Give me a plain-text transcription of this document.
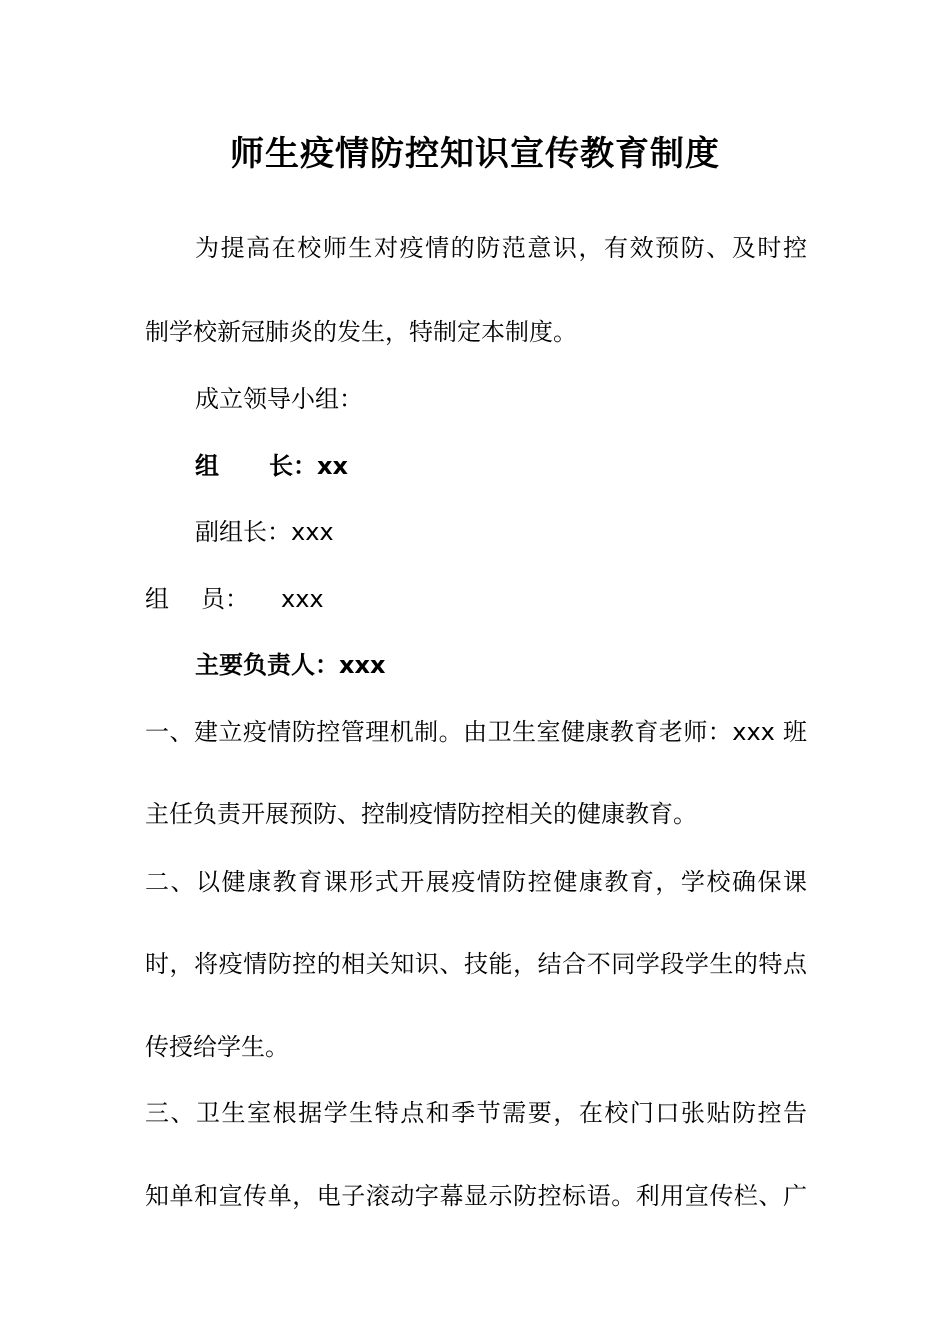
师生疫情防控知识宣传教育制度
为提高在校师生对疫情的防范意识，有效预防、及时控
制学校新冠肺炎的发生，特制定本制度。
成立领导小组：
组 长：xx
副组长：xxx
组 员： xxx
主要负责人：xxx
一、建立疫情防控管理机制。由卫生室健康教育老师：xxx 班
主任负责开展预防、控制疫情防控相关的健康教育。
二、以健康教育课形式开展疫情防控健康教育，学校确保课
时，将疫情防控的相关知识、技能，结合不同学段学生的特点
传授给学生。
三、卫生室根据学生特点和季节需要，在校门口张贴防控告
知单和宣传单，电子滚动字幕显示防控标语。利用宣传栏、广
